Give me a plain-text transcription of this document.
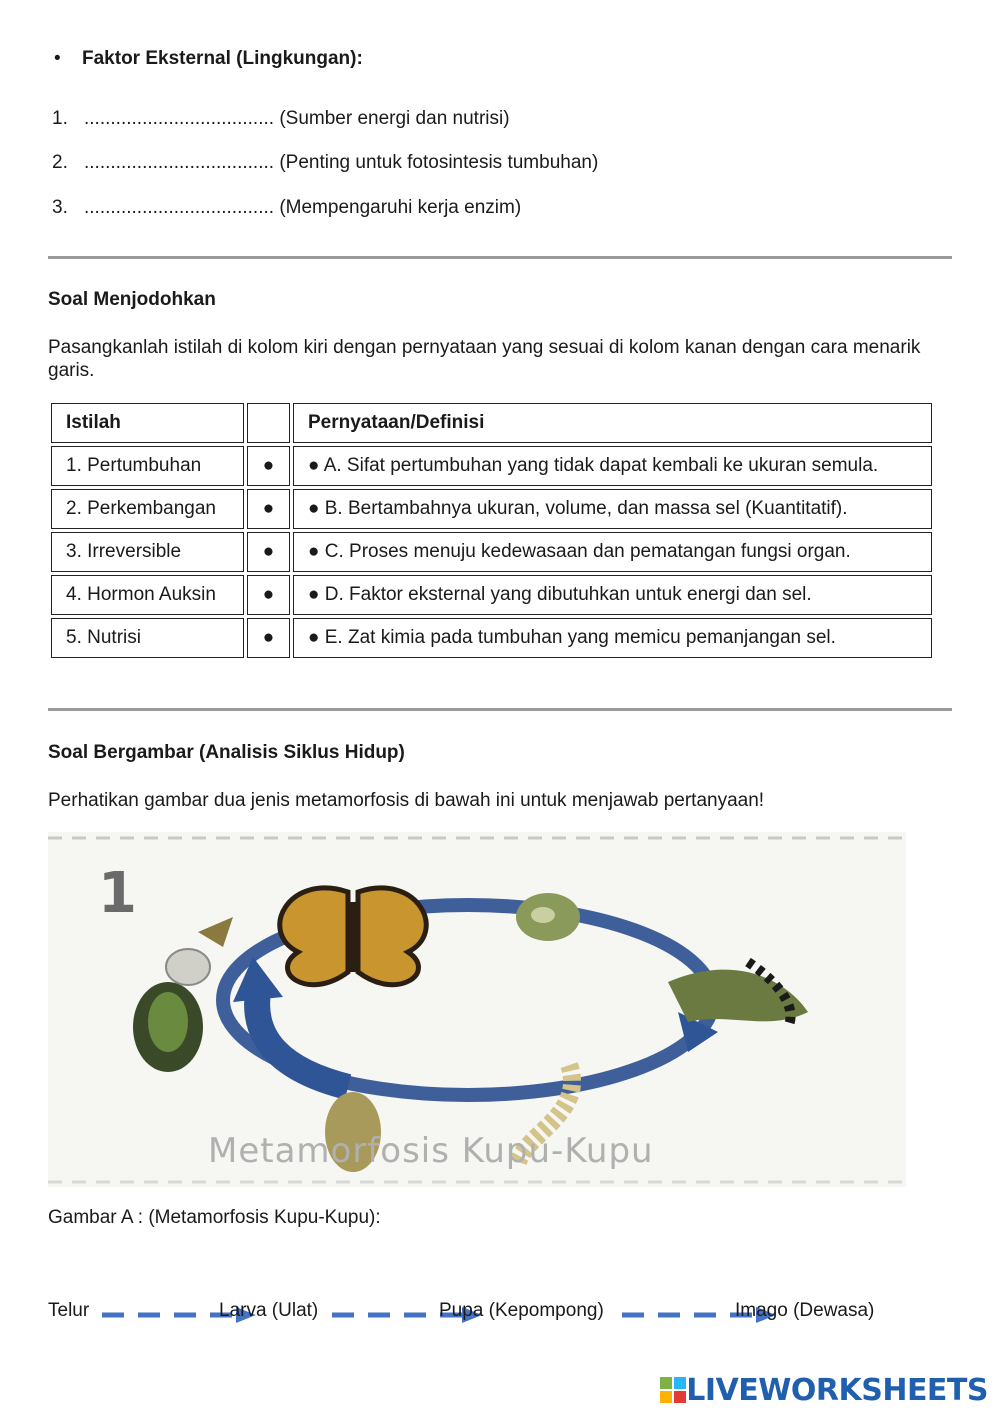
• Faktor Eksternal (Lingkungan):
1. .................................... (Sumber energi dan nutrisi)
2. .................................... (Penting untuk fotosintesis tumbuhan)
3. .................................... (Mempengaruhi kerja enzim)
Soal Menjodohkan
Pasangkanlah istilah di kolom kiri dengan pernyataan yang sesuai di kolom kanan dengan cara menarik garis.
Istilah		Pernyataan/Definisi
1. Pertumbuhan	●	● A. Sifat pertumbuhan yang tidak dapat kembali ke ukuran semula.
2. Perkembangan	●	● B. Bertambahnya ukuran, volume, dan massa sel (Kuantitatif).
3. Irreversible	●	● C. Proses menuju kedewasaan dan pematangan fungsi organ.
4. Hormon Auksin	●	● D. Faktor eksternal yang dibutuhkan untuk energi dan sel.
5. Nutrisi	●	● E. Zat kimia pada tumbuhan yang memicu pemanjangan sel.
Soal Bergambar (Analisis Siklus Hidup)
Perhatikan gambar dua jenis metamorfosis di bawah ini untuk menjawab pertanyaan!
1
Metamorfosis Kupu-Kupu
Gambar A : (Metamorfosis Kupu-Kupu):
Telur	Larva (Ulat)	Pupa (Kepompong)	Imago (Dewasa)
LIVEWORKSHEETS
